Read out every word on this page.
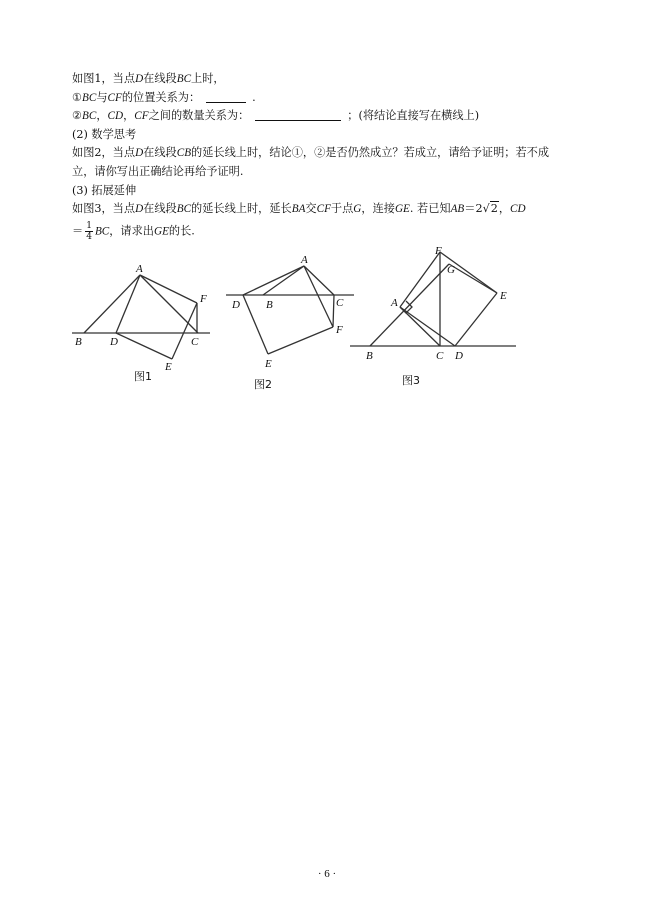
如图1，当点D在线段BC上时，
①BC与CF的位置关系为：	.
②BC，CD，CF之间的数量关系为：	；(将结论直接写在横线上)
(2) 数学思考
如图2，当点D在线段CB的延长线上时，结论①，②是否仍然成立？若成立，请给予证明；若不成
立，请你写出正确结论再给予证明.
(3) 拓展延伸
如图3，当点D在线段BC的延长线上时，延长BA交CF于点G，连接GE. 若已知AB＝2√2，CD
＝ $\frac{1}{4}$ BC，请求出GE的长.
A
B	C
D
E
F
A
B	C
D
E
F
A
B	C D
E
F
G
图1
图2	图3
· 6 ·
